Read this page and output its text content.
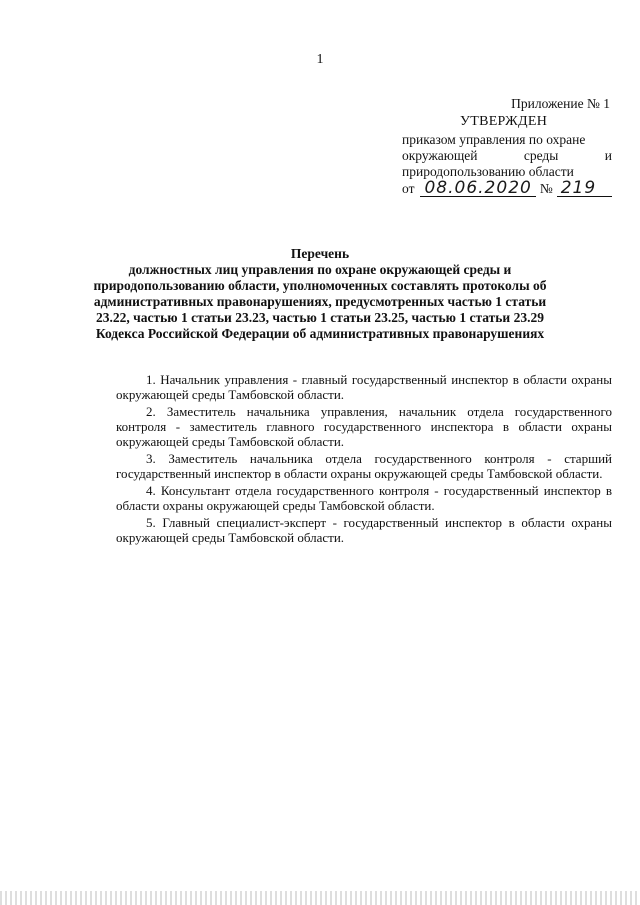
1
Приложение № 1
УТВЕРЖДЕН
приказом управления по охране
окружающей	среды	и
природопользованию области
от 08.06.2020 № 219
Перечень
должностных лиц управления по охране окружающей среды и
природопользованию области, уполномоченных составлять протоколы об
административных правонарушениях, предусмотренных частью 1 статьи
23.22, частью 1 статьи 23.23, частью 1 статьи 23.25, частью 1 статьи 23.29
Кодекса Российской Федерации об административных правонарушениях
1. Начальник управления - главный государственный инспектор в области охраны окружающей среды Тамбовской области.
2. Заместитель начальника управления, начальник отдела государственного контроля - заместитель главного государственного инспектора в области охраны окружающей среды Тамбовской области.
3. Заместитель начальника отдела государственного контроля - старший государственный инспектор в области охраны окружающей среды Тамбовской области.
4. Консультант отдела государственного контроля - государственный инспектор в области охраны окружающей среды Тамбовской области.
5. Главный специалист-эксперт - государственный инспектор в области охраны окружающей среды Тамбовской области.
